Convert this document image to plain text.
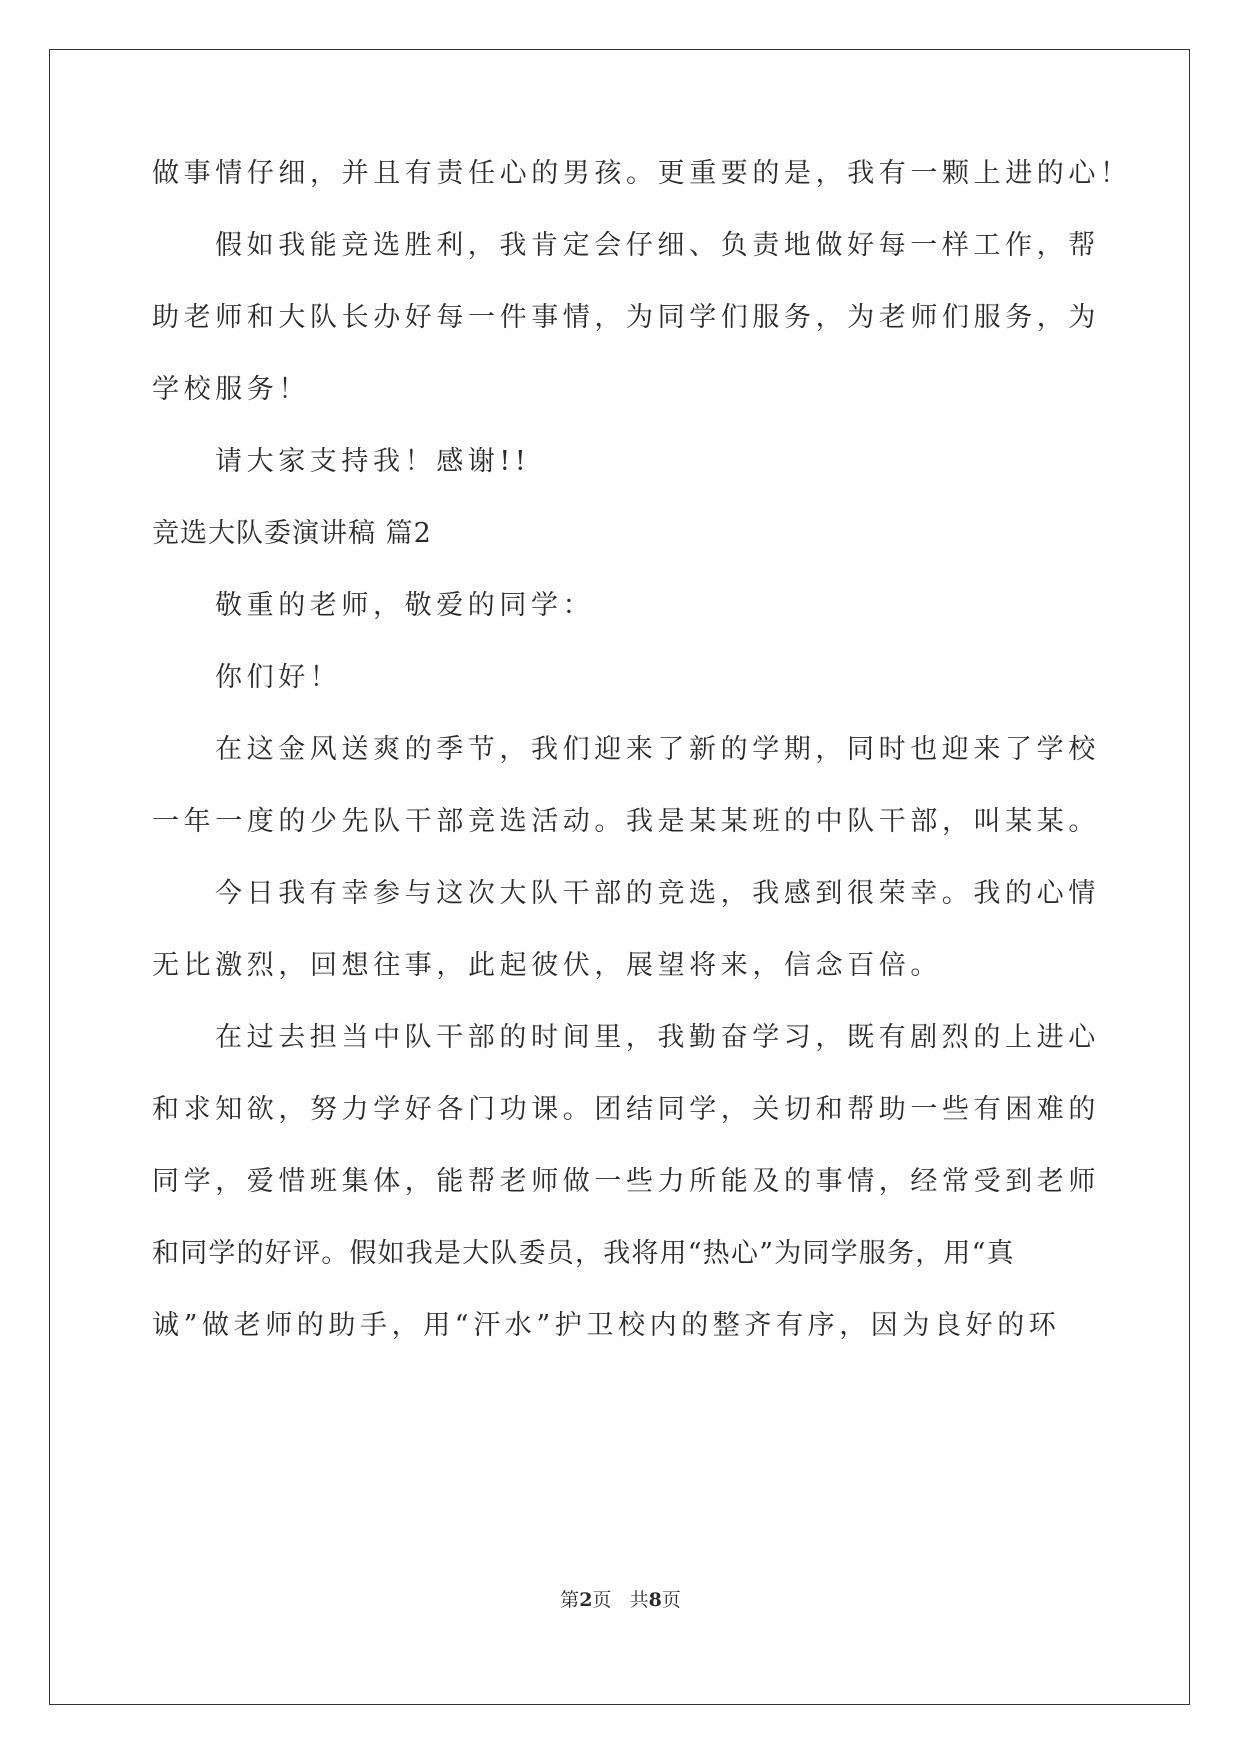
做事情仔细，并且有责任心的男孩。更重要的是，我有一颗上进的心！
假如我能竞选胜利，我肯定会仔细、负责地做好每一样工作，帮
助老师和大队长办好每一件事情，为同学们服务，为老师们服务，为
学校服务！
请大家支持我！感谢!!
竞选大队委演讲稿 篇2
敬重的老师，敬爱的同学：
你们好！
在这金风送爽的季节，我们迎来了新的学期，同时也迎来了学校
一年一度的少先队干部竞选活动。我是某某班的中队干部，叫某某。
今日我有幸参与这次大队干部的竞选，我感到很荣幸。我的心情
无比激烈，回想往事，此起彼伏，展望将来，信念百倍。
在过去担当中队干部的时间里，我勤奋学习，既有剧烈的上进心
和求知欲，努力学好各门功课。团结同学，关切和帮助一些有困难的
同学，爱惜班集体，能帮老师做一些力所能及的事情，经常受到老师
和同学的好评。假如我是大队委员，我将用“热心”为同学服务，用“真
诚”做老师的助手，用“汗水”护卫校内的整齐有序，因为良好的环
第2页 共8页
